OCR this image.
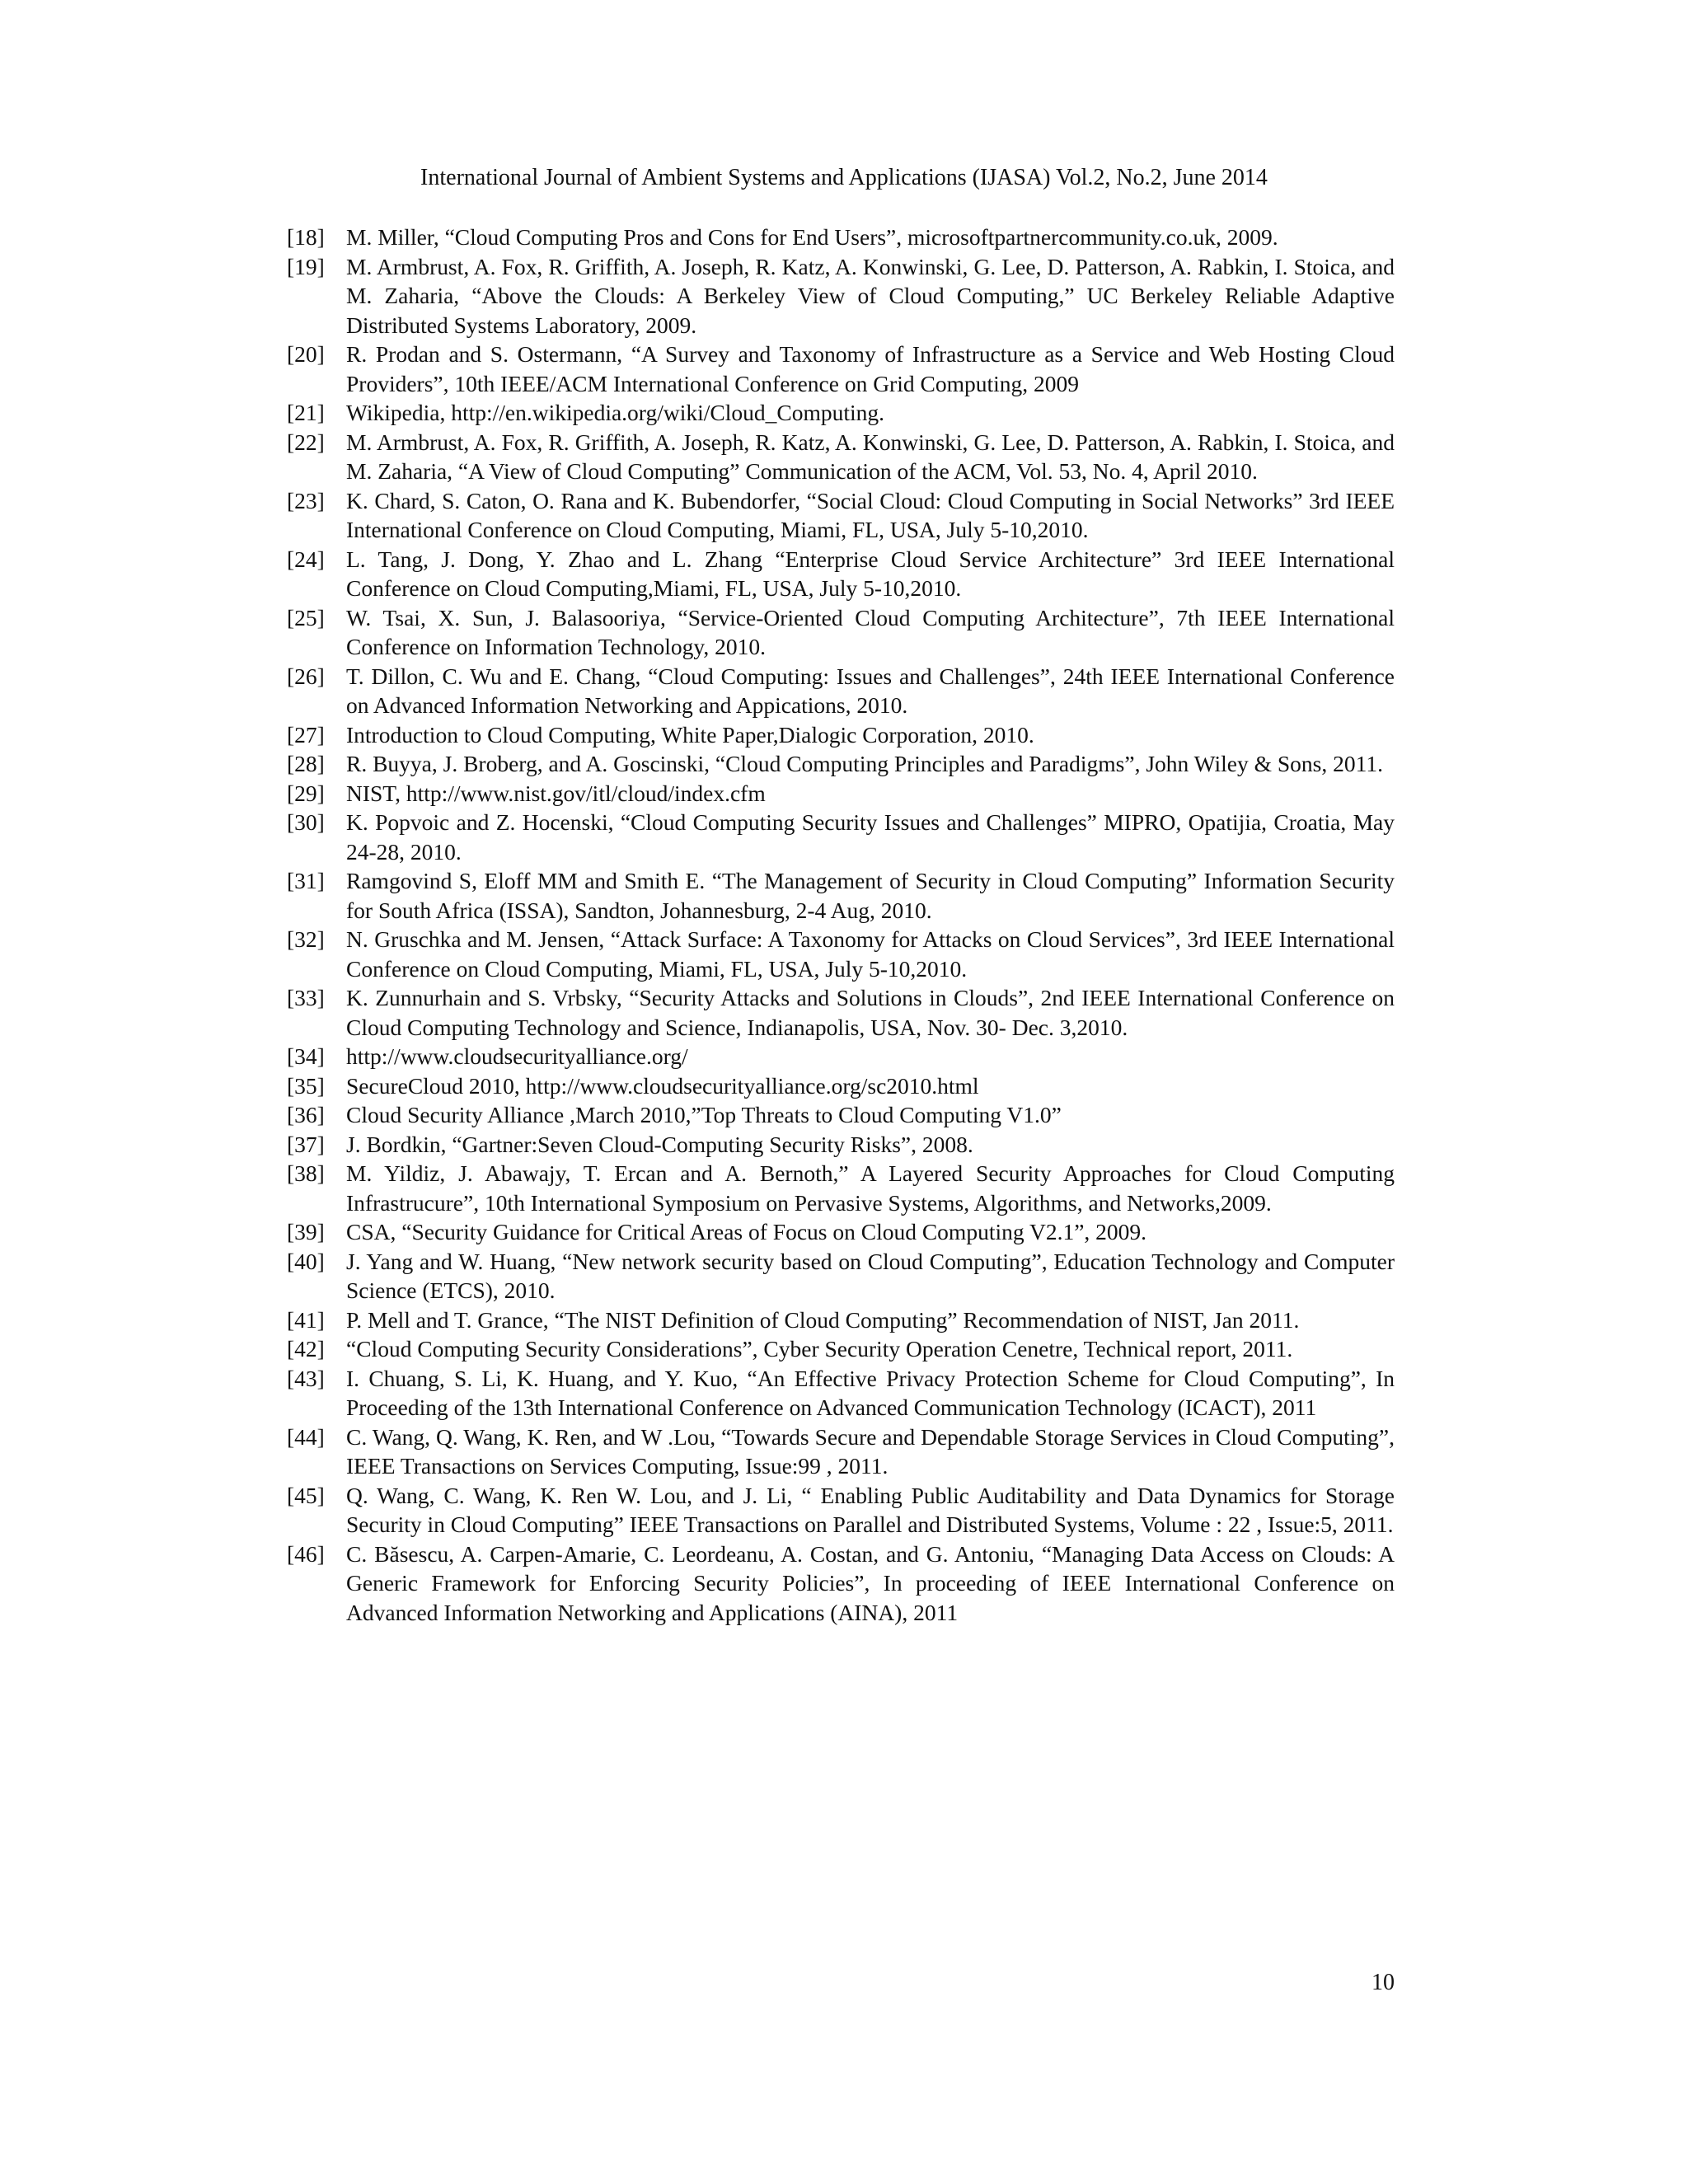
International Journal of Ambient Systems and Applications (IJASA) Vol.2, No.2, June 2014
[18] M. Miller, “Cloud Computing Pros and Cons for End Users”, microsoftpartnercommunity.co.uk, 2009.
[19] M. Armbrust, A. Fox, R. Griffith, A. Joseph, R. Katz, A. Konwinski, G. Lee, D. Patterson, A. Rabkin, I. Stoica, and M. Zaharia, “Above the Clouds: A Berkeley View of Cloud Computing,” UC Berkeley Reliable Adaptive Distributed Systems Laboratory, 2009.
[20] R. Prodan and S. Ostermann, “A Survey and Taxonomy of Infrastructure as a Service and Web Hosting Cloud Providers”, 10th IEEE/ACM International Conference on Grid Computing, 2009
[21] Wikipedia, http://en.wikipedia.org/wiki/Cloud_Computing.
[22] M. Armbrust, A. Fox, R. Griffith, A. Joseph, R. Katz, A. Konwinski, G. Lee, D. Patterson, A. Rabkin, I. Stoica, and M. Zaharia, “A View of Cloud Computing” Communication of the ACM, Vol. 53, No. 4, April 2010.
[23] K. Chard, S. Caton, O. Rana and K. Bubendorfer, “Social Cloud: Cloud Computing in Social Networks” 3rd IEEE International Conference on Cloud Computing, Miami, FL, USA, July 5-10,2010.
[24] L. Tang, J. Dong, Y. Zhao and L. Zhang “Enterprise Cloud Service Architecture” 3rd IEEE International Conference on Cloud Computing,Miami, FL, USA, July 5-10,2010.
[25] W. Tsai, X. Sun, J. Balasooriya, “Service-Oriented Cloud Computing Architecture”, 7th IEEE International Conference on Information Technology, 2010.
[26] T. Dillon, C. Wu and E. Chang, “Cloud Computing: Issues and Challenges”, 24th IEEE International Conference on Advanced Information Networking and Appications, 2010.
[27] Introduction to Cloud Computing, White Paper,Dialogic Corporation, 2010.
[28] R. Buyya, J. Broberg, and A. Goscinski, “Cloud Computing Principles and Paradigms”, John Wiley & Sons, 2011.
[29] NIST, http://www.nist.gov/itl/cloud/index.cfm
[30] K. Popvoic and Z. Hocenski, “Cloud Computing Security Issues and Challenges” MIPRO, Opatijia, Croatia, May 24-28, 2010.
[31] Ramgovind S, Eloff MM and Smith E. “The Management of Security in Cloud Computing” Information Security for South Africa (ISSA), Sandton, Johannesburg, 2-4 Aug, 2010.
[32] N. Gruschka and M. Jensen, “Attack Surface: A Taxonomy for Attacks on Cloud Services”, 3rd IEEE International Conference on Cloud Computing, Miami, FL, USA, July 5-10,2010.
[33] K. Zunnurhain and S. Vrbsky, “Security Attacks and Solutions in Clouds”, 2nd IEEE International Conference on Cloud Computing Technology and Science, Indianapolis, USA, Nov. 30- Dec. 3,2010.
[34] http://www.cloudsecurityalliance.org/
[35] SecureCloud 2010, http://www.cloudsecurityalliance.org/sc2010.html
[36] Cloud Security Alliance ,March 2010,”Top Threats to Cloud Computing V1.0”
[37] J. Bordkin, “Gartner:Seven Cloud-Computing Security Risks”, 2008.
[38] M. Yildiz, J. Abawajy, T. Ercan and A. Bernoth,” A Layered Security Approaches for Cloud Computing Infrastrucure”, 10th International Symposium on Pervasive Systems, Algorithms, and Networks,2009.
[39] CSA, “Security Guidance for Critical Areas of Focus on Cloud Computing V2.1”, 2009.
[40] J. Yang and W. Huang, “New network security based on Cloud Computing”, Education Technology and Computer Science (ETCS), 2010.
[41] P. Mell and T. Grance, “The NIST Definition of Cloud Computing” Recommendation of NIST, Jan 2011.
[42] “Cloud Computing Security Considerations”, Cyber Security Operation Cenetre, Technical report, 2011.
[43] I. Chuang, S. Li, K. Huang, and Y. Kuo, “An Effective Privacy Protection Scheme for Cloud Computing”, In Proceeding of the 13th International Conference on Advanced Communication Technology (ICACT), 2011
[44] C. Wang, Q. Wang, K. Ren, and W .Lou, “Towards Secure and Dependable Storage Services in Cloud Computing”, IEEE Transactions on Services Computing, Issue:99 , 2011.
[45] Q. Wang, C. Wang, K. Ren W. Lou, and J. Li, “ Enabling Public Auditability and Data Dynamics for Storage Security in Cloud Computing” IEEE Transactions on Parallel and Distributed Systems, Volume : 22 , Issue:5, 2011.
[46] C. Băsescu, A. Carpen-Amarie, C. Leordeanu, A. Costan, and G. Antoniu, “Managing Data Access on Clouds: A Generic Framework for Enforcing Security Policies”, In proceeding of IEEE International Conference on Advanced Information Networking and Applications (AINA), 2011
10
